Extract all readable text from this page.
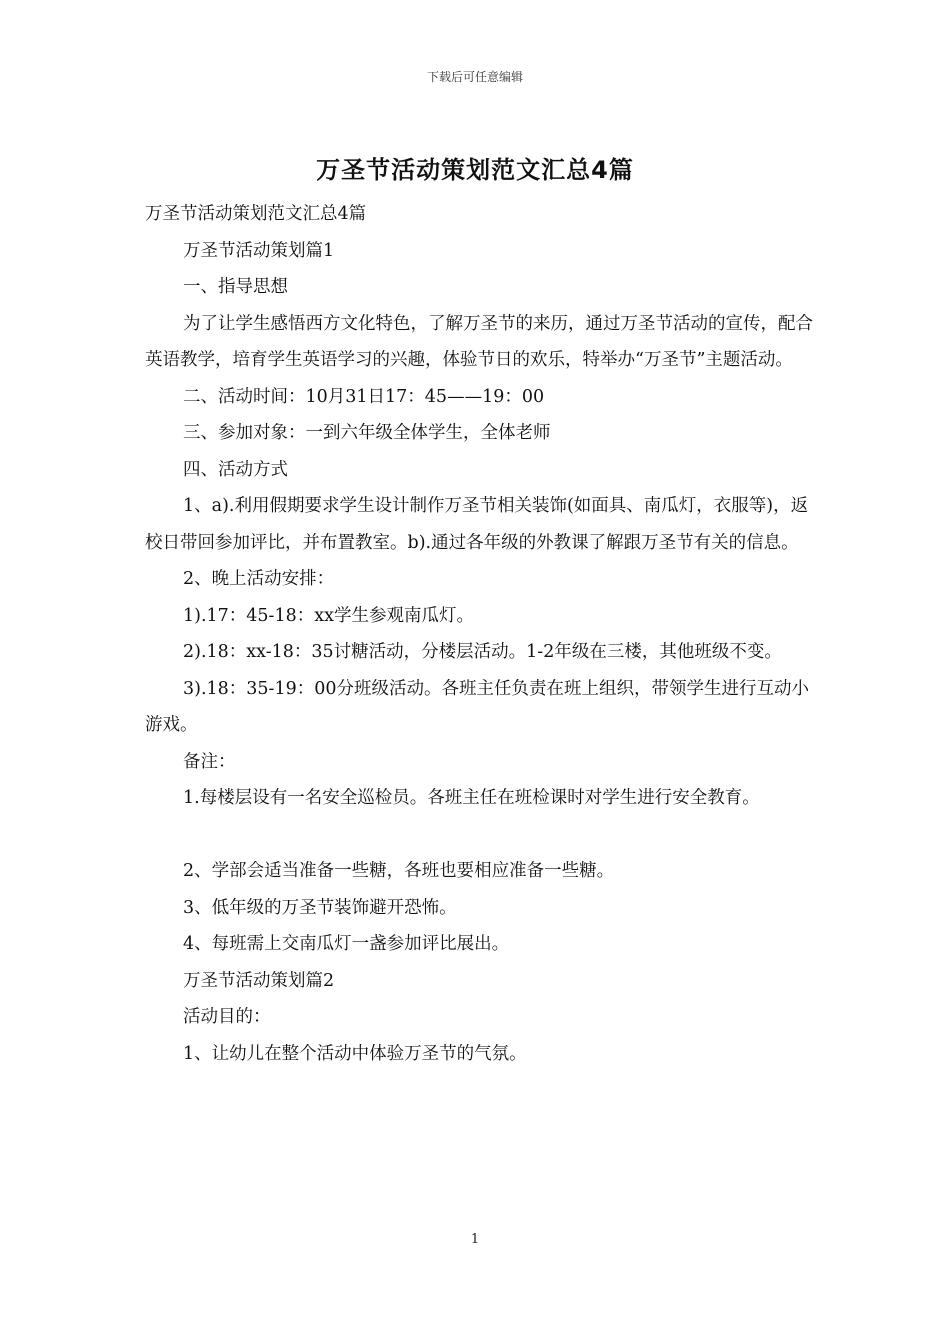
下载后可任意编辑
万圣节活动策划范文汇总4篇

万圣节活动策划范文汇总4篇

万圣节活动策划篇1

一、指导思想

为了让学生感悟西方文化特色，了解万圣节的来历，通过万圣节活动的宣传，配合英语教学，培育学生英语学习的兴趣，体验节日的欢乐，特举办“万圣节”主题活动。

二、活动时间：10月31日17：45——19：00

三、参加对象：一到六年级全体学生，全体老师

四、活动方式

1、a).利用假期要求学生设计制作万圣节相关装饰(如面具、南瓜灯，衣服等)，返校日带回参加评比，并布置教室。b).通过各年级的外教课了解跟万圣节有关的信息。

2、晚上活动安排：

1).17：45-18：xx学生参观南瓜灯。

2).18：xx-18：35讨糖活动，分楼层活动。1-2年级在三楼，其他班级不变。

3).18：35-19：00分班级活动。各班主任负责在班上组织，带领学生进行互动小游戏。

备注：

1.每楼层设有一名安全巡检员。各班主任在班检课时对学生进行安全教育。

2、学部会适当准备一些糖，各班也要相应准备一些糖。

3、低年级的万圣节装饰避开恐怖。

4、每班需上交南瓜灯一盏参加评比展出。

万圣节活动策划篇2

活动目的：

1、让幼儿在整个活动中体验万圣节的气氛。

1
